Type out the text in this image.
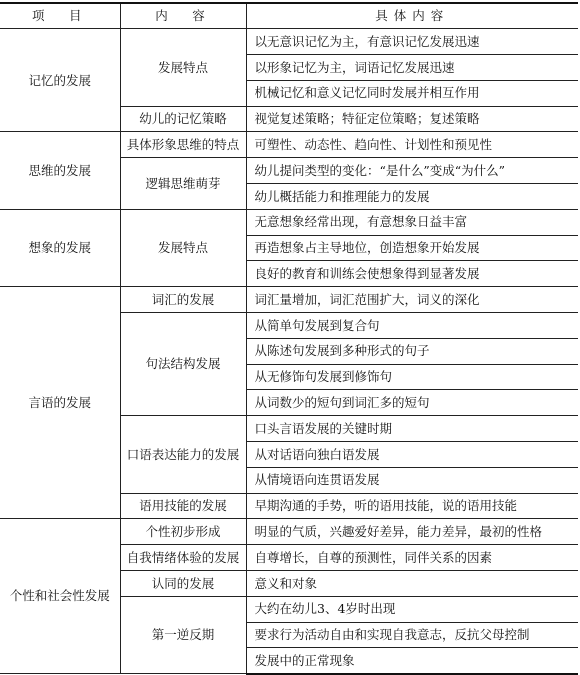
项　目	内　容	具体内容
记忆的发展	发展特点	以无意识记忆为主，有意识记忆发展迅速
		以形象记忆为主，词语记忆发展迅速
		机械记忆和意义记忆同时发展并相互作用
	幼儿的记忆策略	视觉复述策略；特征定位策略；复述策略
思维的发展	具体形象思维的特点	可塑性、动态性、趋向性、计划性和预见性
	逻辑思维萌芽	幼儿提问类型的变化：“是什么”变成“为什么”
		幼儿概括能力和推理能力的发展
想象的发展	发展特点	无意想象经常出现，有意想象日益丰富
		再造想象占主导地位，创造想象开始发展
		良好的教育和训练会使想象得到显著发展
言语的发展	词汇的发展	词汇量增加，词汇范围扩大，词义的深化
	句法结构发展	从简单句发展到复合句
		从陈述句发展到多种形式的句子
		从无修饰句发展到修饰句
		从词数少的短句到词汇多的短句
	口语表达能力的发展	口头言语发展的关键时期
		从对话语向独白语发展
		从情境语向连贯语发展
	语用技能的发展	早期沟通的手势，听的语用技能，说的语用技能
个性和社会性发展	个性初步形成	明显的气质，兴趣爱好差异，能力差异，最初的性格
	自我情绪体验的发展	自尊增长，自尊的预测性，同伴关系的因素
	认同的发展	意义和对象
	第一逆反期	大约在幼儿3、4岁时出现
		要求行为活动自由和实现自我意志，反抗父母控制
		发展中的正常现象
